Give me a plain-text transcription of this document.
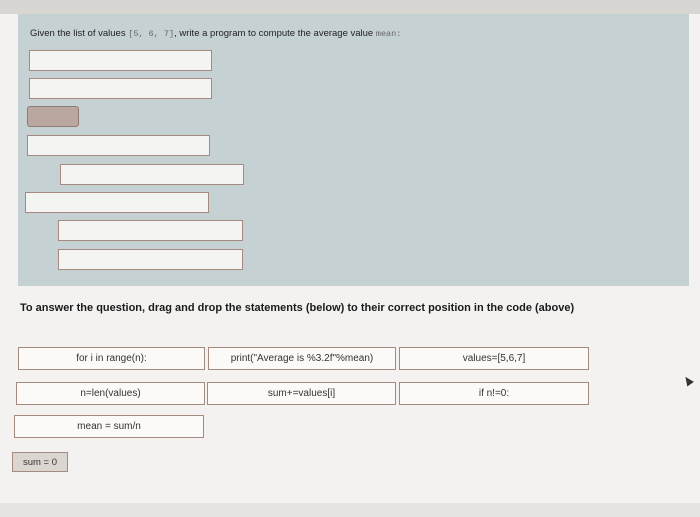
Given the list of values [5, 6, 7], write a program to compute the average value mean:
To answer the question, drag and drop the statements (below) to their correct position in the code (above)
for i in range(n):	print("Average is %3.2f"%mean)	values=[5,6,7]
n=len(values)	sum+=values[i]	if n!=0:
mean = sum/n
sum = 0
